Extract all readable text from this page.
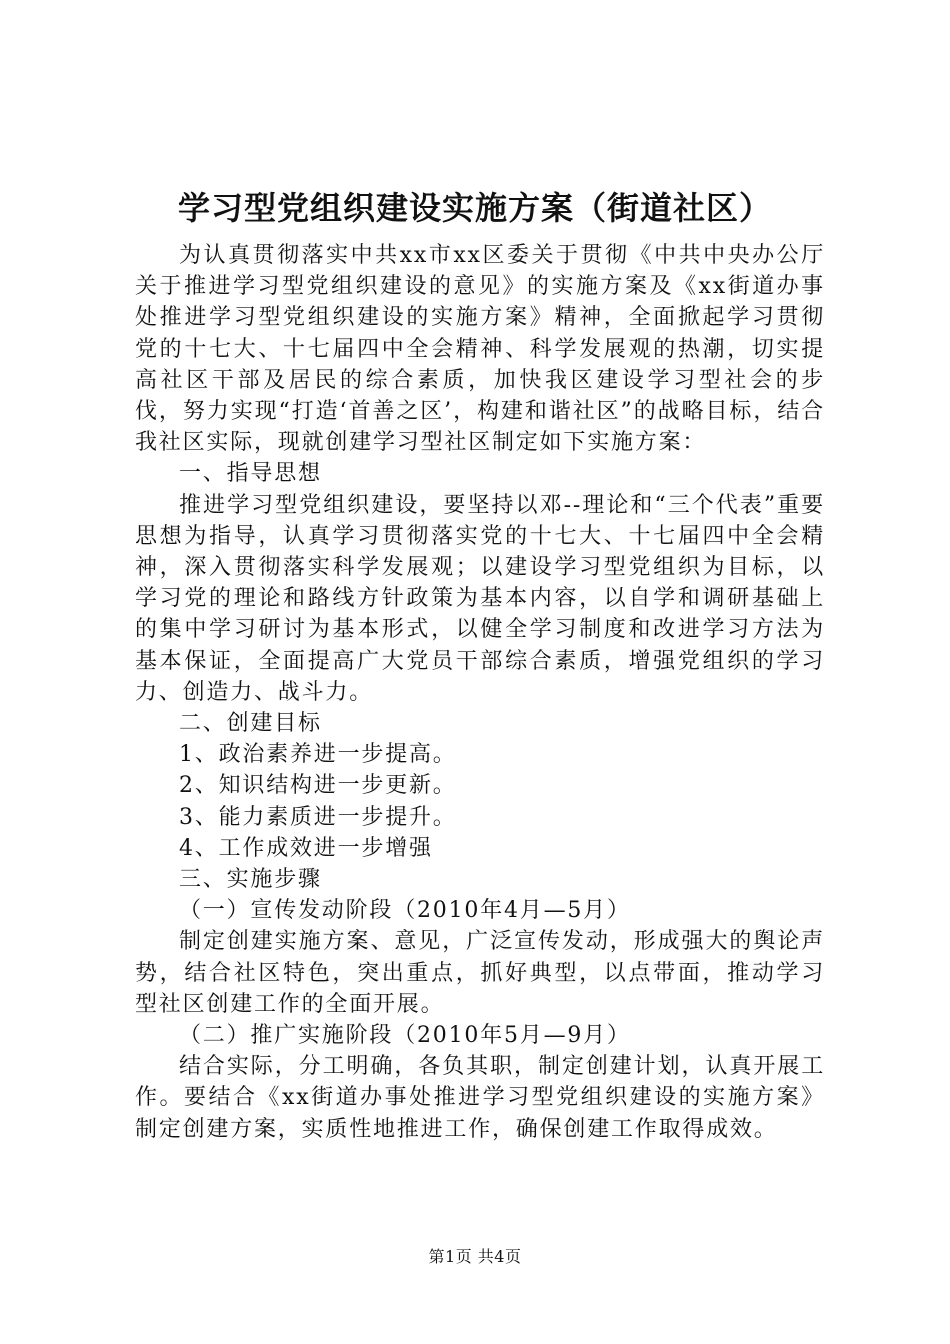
学习型党组织建设实施方案（街道社区）

为认真贯彻落实中共xx市xx区委关于贯彻《中共中央办公厅关于推进学习型党组织建设的意见》的实施方案及《xx街道办事处推进学习型党组织建设的实施方案》精神，全面掀起学习贯彻党的十七大、十七届四中全会精神、科学发展观的热潮，切实提高社区干部及居民的综合素质，加快我区建设学习型社会的步伐，努力实现“打造‘首善之区’，构建和谐社区”的战略目标，结合我社区实际，现就创建学习型社区制定如下实施方案：

一、指导思想

推进学习型党组织建设，要坚持以邓--理论和“三个代表”重要思想为指导，认真学习贯彻落实党的十七大、十七届四中全会精神，深入贯彻落实科学发展观；以建设学习型党组织为目标，以学习党的理论和路线方针政策为基本内容，以自学和调研基础上的集中学习研讨为基本形式，以健全学习制度和改进学习方法为基本保证，全面提高广大党员干部综合素质，增强党组织的学习力、创造力、战斗力。

二、创建目标

1、政治素养进一步提高。

2、知识结构进一步更新。

3、能力素质进一步提升。

4、工作成效进一步增强

三、实施步骤

（一）宣传发动阶段（2010年4月—5月）

制定创建实施方案、意见，广泛宣传发动，形成强大的舆论声势，结合社区特色，突出重点，抓好典型，以点带面，推动学习型社区创建工作的全面开展。

（二）推广实施阶段（2010年5月—9月）

结合实际，分工明确，各负其职，制定创建计划，认真开展工作。要结合《xx街道办事处推进学习型党组织建设的实施方案》制定创建方案，实质性地推进工作，确保创建工作取得成效。

第1页 共4页
